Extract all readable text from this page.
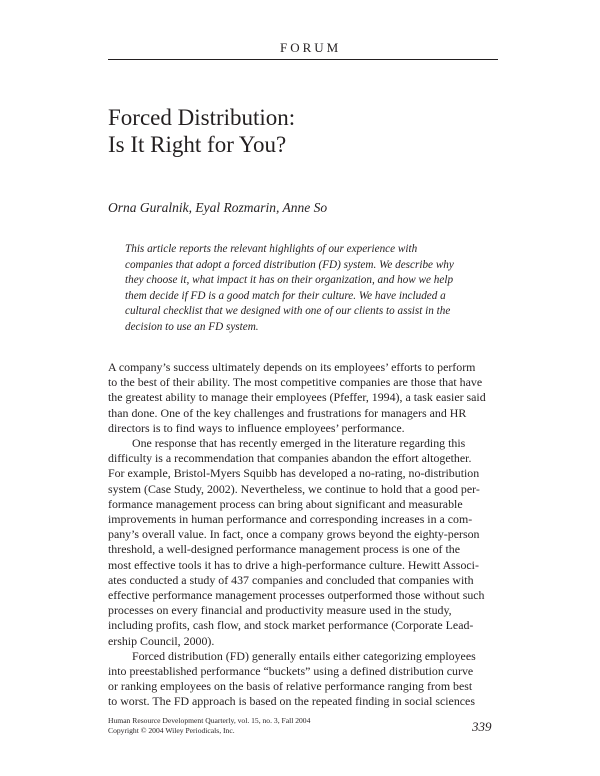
FORUM
Forced Distribution:
Is It Right for You?
Orna Guralnik, Eyal Rozmarin, Anne So
This article reports the relevant highlights of our experience with
companies that adopt a forced distribution (FD) system. We describe why
they choose it, what impact it has on their organization, and how we help
them decide if FD is a good match for their culture. We have included a
cultural checklist that we designed with one of our clients to assist in the
decision to use an FD system.
A company’s success ultimately depends on its employees’ efforts to perform
to the best of their ability. The most competitive companies are those that have
the greatest ability to manage their employees (Pfeffer, 1994), a task easier said
than done. One of the key challenges and frustrations for managers and HR
directors is to find ways to influence employees’ performance.
One response that has recently emerged in the literature regarding this
difficulty is a recommendation that companies abandon the effort altogether.
For example, Bristol-Myers Squibb has developed a no-rating, no-distribution
system (Case Study, 2002). Nevertheless, we continue to hold that a good per-
formance management process can bring about significant and measurable
improvements in human performance and corresponding increases in a com-
pany’s overall value. In fact, once a company grows beyond the eighty-person
threshold, a well-designed performance management process is one of the
most effective tools it has to drive a high-performance culture. Hewitt Associ-
ates conducted a study of 437 companies and concluded that companies with
effective performance management processes outperformed those without such
processes on every financial and productivity measure used in the study,
including profits, cash flow, and stock market performance (Corporate Lead-
ership Council, 2000).
Forced distribution (FD) generally entails either categorizing employees
into preestablished performance “buckets” using a defined distribution curve
or ranking employees on the basis of relative performance ranging from best
to worst. The FD approach is based on the repeated finding in social sciences
Human Resource Development Quarterly, vol. 15, no. 3, Fall 2004
Copyright © 2004 Wiley Periodicals, Inc.	339
